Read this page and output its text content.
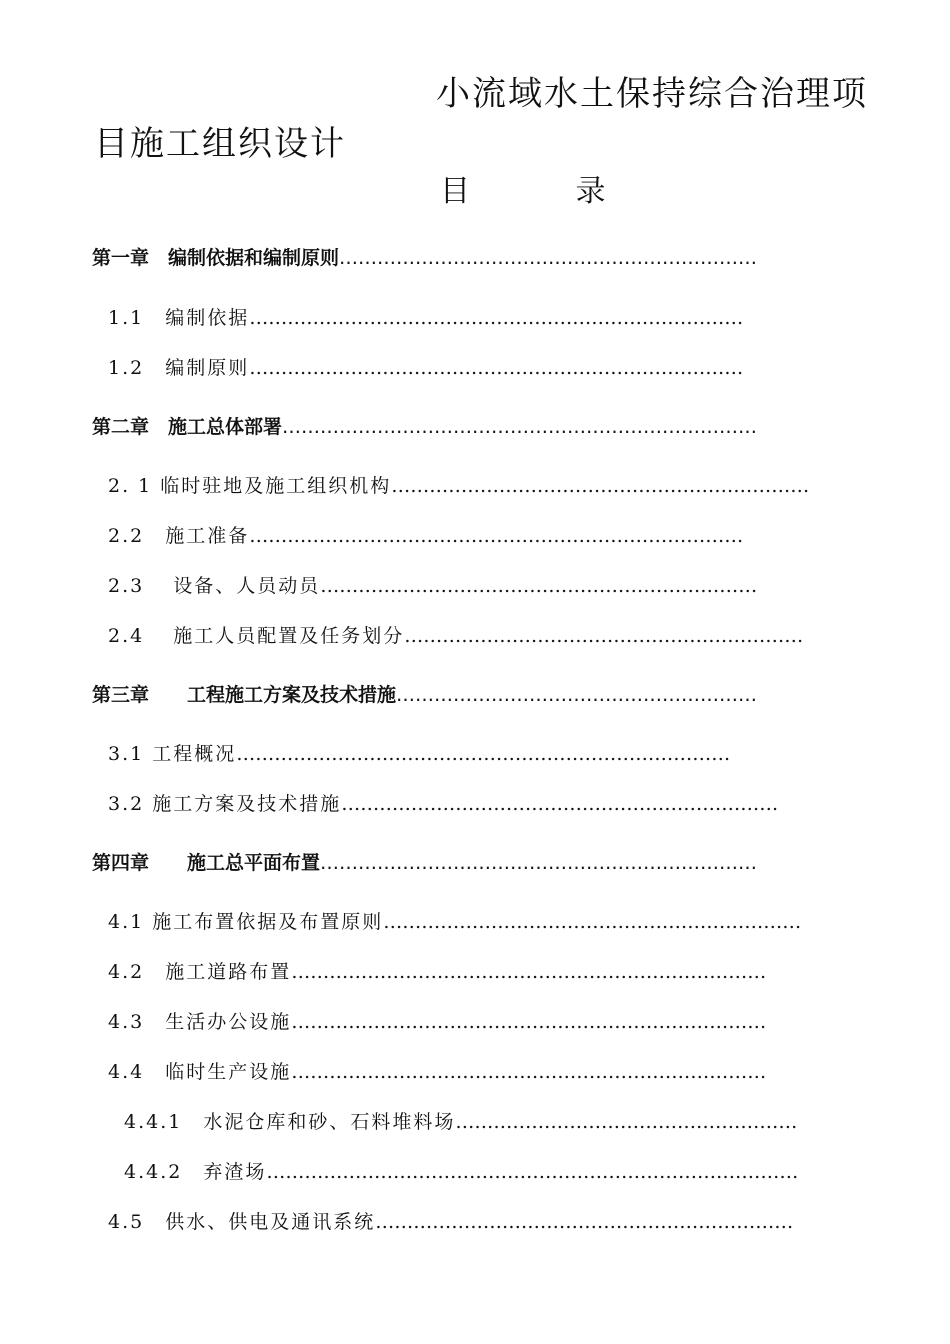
小流域水土保持综合治理项
目施工组织设计
目 录
第一章　编制依据和编制原则…………………………………………………………
1.1　编制依据……………………………………………………………………
1.2　编制原则……………………………………………………………………
第二章　施工总体部署…………………………………………………………………
2. 1 临时驻地及施工组织机构…………………………………………………………
2.2　施工准备……………………………………………………………………
2.3　 设备、人员动员……………………………………………………………
2.4　 施工人员配置及任务划分………………………………………………………
第三章　　工程施工方案及技术措施…………………………………………………
3.1 工程概况……………………………………………………………………
3.2 施工方案及技术措施……………………………………………………………
第四章　　施工总平面布置……………………………………………………………
4.1 施工布置依据及布置原则…………………………………………………………
4.2　施工道路布置…………………………………………………………………
4.3　生活办公设施…………………………………………………………………
4.4　临时生产设施…………………………………………………………………
4.4.1　水泥仓库和砂、石料堆料场………………………………………………
4.4.2　弃渣场…………………………………………………………………………
4.5　供水、供电及通讯系统…………………………………………………………
